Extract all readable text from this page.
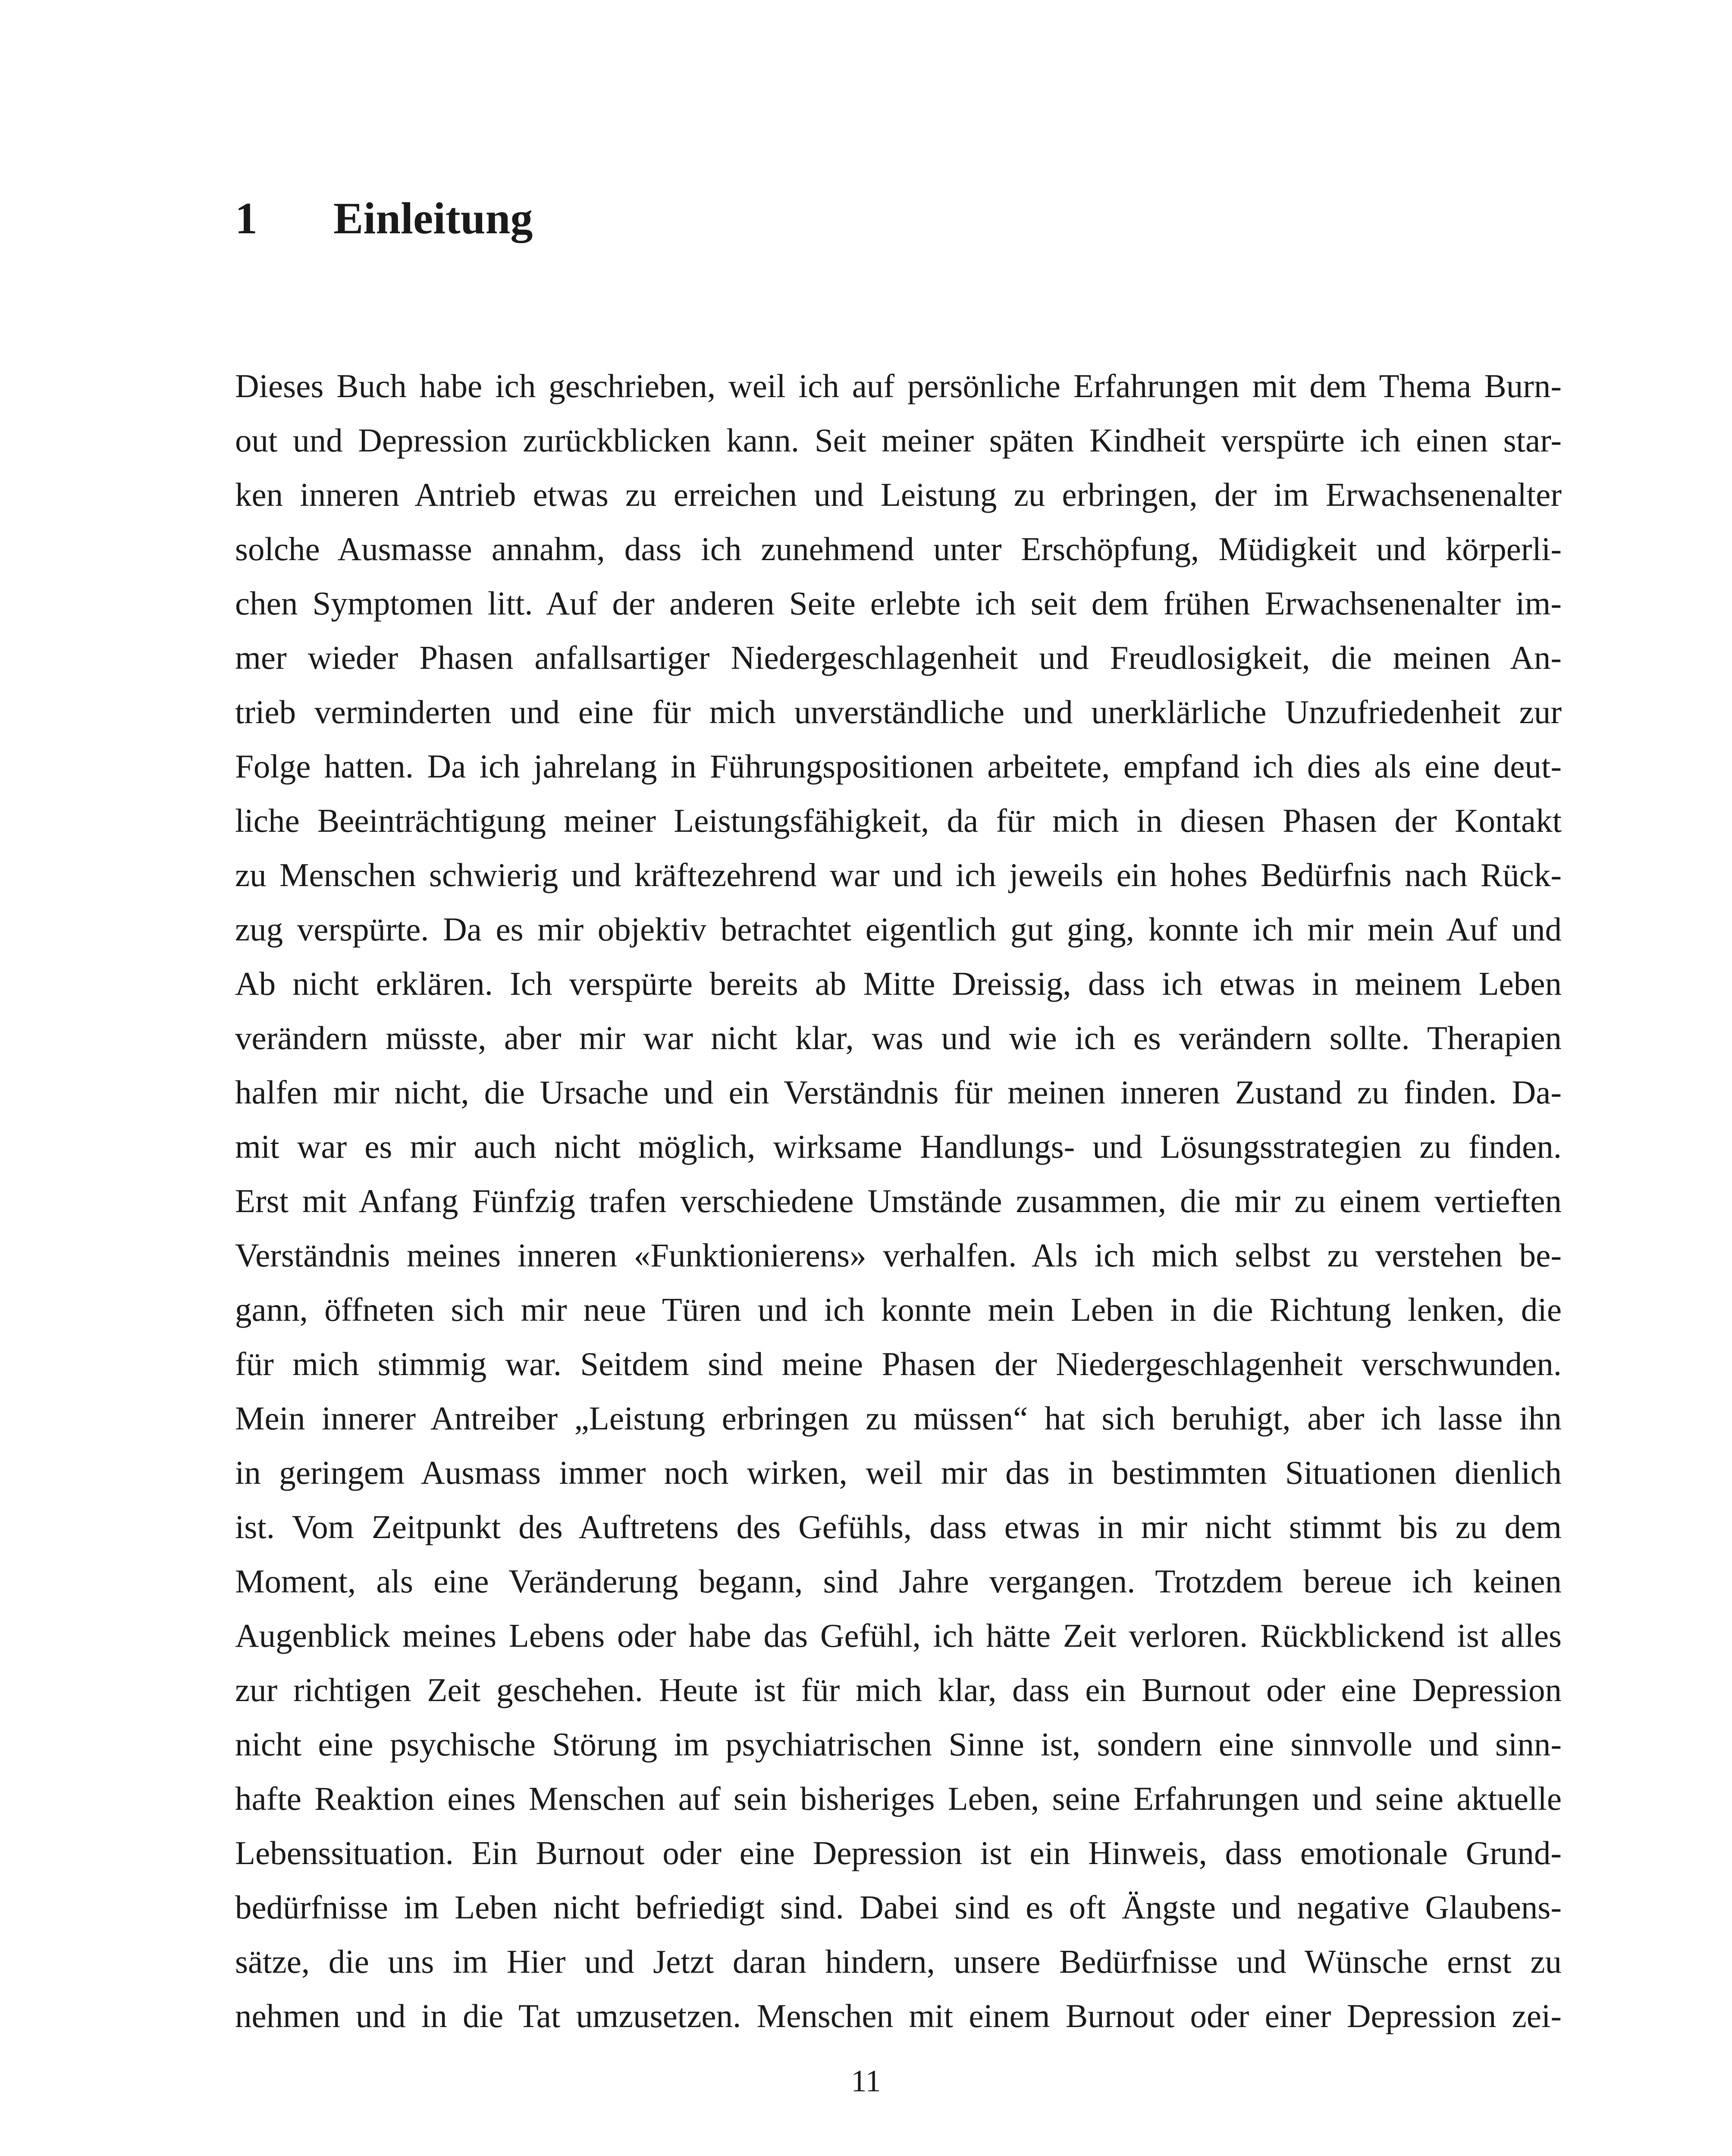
1	Einleitung
Dieses Buch habe ich geschrieben, weil ich auf persönliche Erfahrungen mit dem Thema Burn-
out und Depression zurückblicken kann. Seit meiner späten Kindheit verspürte ich einen star-
ken inneren Antrieb etwas zu erreichen und Leistung zu erbringen, der im Erwachsenenalter
solche Ausmasse annahm, dass ich zunehmend unter Erschöpfung, Müdigkeit und körperli-
chen Symptomen litt. Auf der anderen Seite erlebte ich seit dem frühen Erwachsenenalter im-
mer wieder Phasen anfallsartiger Niedergeschlagenheit und Freudlosigkeit, die meinen An-
trieb verminderten und eine für mich unverständliche und unerklärliche Unzufriedenheit zur
Folge hatten. Da ich jahrelang in Führungspositionen arbeitete, empfand ich dies als eine deut-
liche Beeinträchtigung meiner Leistungsfähigkeit, da für mich in diesen Phasen der Kontakt
zu Menschen schwierig und kräftezehrend war und ich jeweils ein hohes Bedürfnis nach Rück-
zug verspürte. Da es mir objektiv betrachtet eigentlich gut ging, konnte ich mir mein Auf und
Ab nicht erklären. Ich verspürte bereits ab Mitte Dreissig, dass ich etwas in meinem Leben
verändern müsste, aber mir war nicht klar, was und wie ich es verändern sollte. Therapien
halfen mir nicht, die Ursache und ein Verständnis für meinen inneren Zustand zu finden. Da-
mit war es mir auch nicht möglich, wirksame Handlungs- und Lösungsstrategien zu finden.
Erst mit Anfang Fünfzig trafen verschiedene Umstände zusammen, die mir zu einem vertieften
Verständnis meines inneren «Funktionierens» verhalfen. Als ich mich selbst zu verstehen be-
gann, öffneten sich mir neue Türen und ich konnte mein Leben in die Richtung lenken, die
für mich stimmig war. Seitdem sind meine Phasen der Niedergeschlagenheit verschwunden.
Mein innerer Antreiber „Leistung erbringen zu müssen“ hat sich beruhigt, aber ich lasse ihn
in geringem Ausmass immer noch wirken, weil mir das in bestimmten Situationen dienlich
ist. Vom Zeitpunkt des Auftretens des Gefühls, dass etwas in mir nicht stimmt bis zu dem
Moment, als eine Veränderung begann, sind Jahre vergangen. Trotzdem bereue ich keinen
Augenblick meines Lebens oder habe das Gefühl, ich hätte Zeit verloren. Rückblickend ist alles
zur richtigen Zeit geschehen. Heute ist für mich klar, dass ein Burnout oder eine Depression
nicht eine psychische Störung im psychiatrischen Sinne ist, sondern eine sinnvolle und sinn-
hafte Reaktion eines Menschen auf sein bisheriges Leben, seine Erfahrungen und seine aktuelle
Lebenssituation. Ein Burnout oder eine Depression ist ein Hinweis, dass emotionale Grund-
bedürfnisse im Leben nicht befriedigt sind. Dabei sind es oft Ängste und negative Glaubens-
sätze, die uns im Hier und Jetzt daran hindern, unsere Bedürfnisse und Wünsche ernst zu
nehmen und in die Tat umzusetzen. Menschen mit einem Burnout oder einer Depression zei-
11
